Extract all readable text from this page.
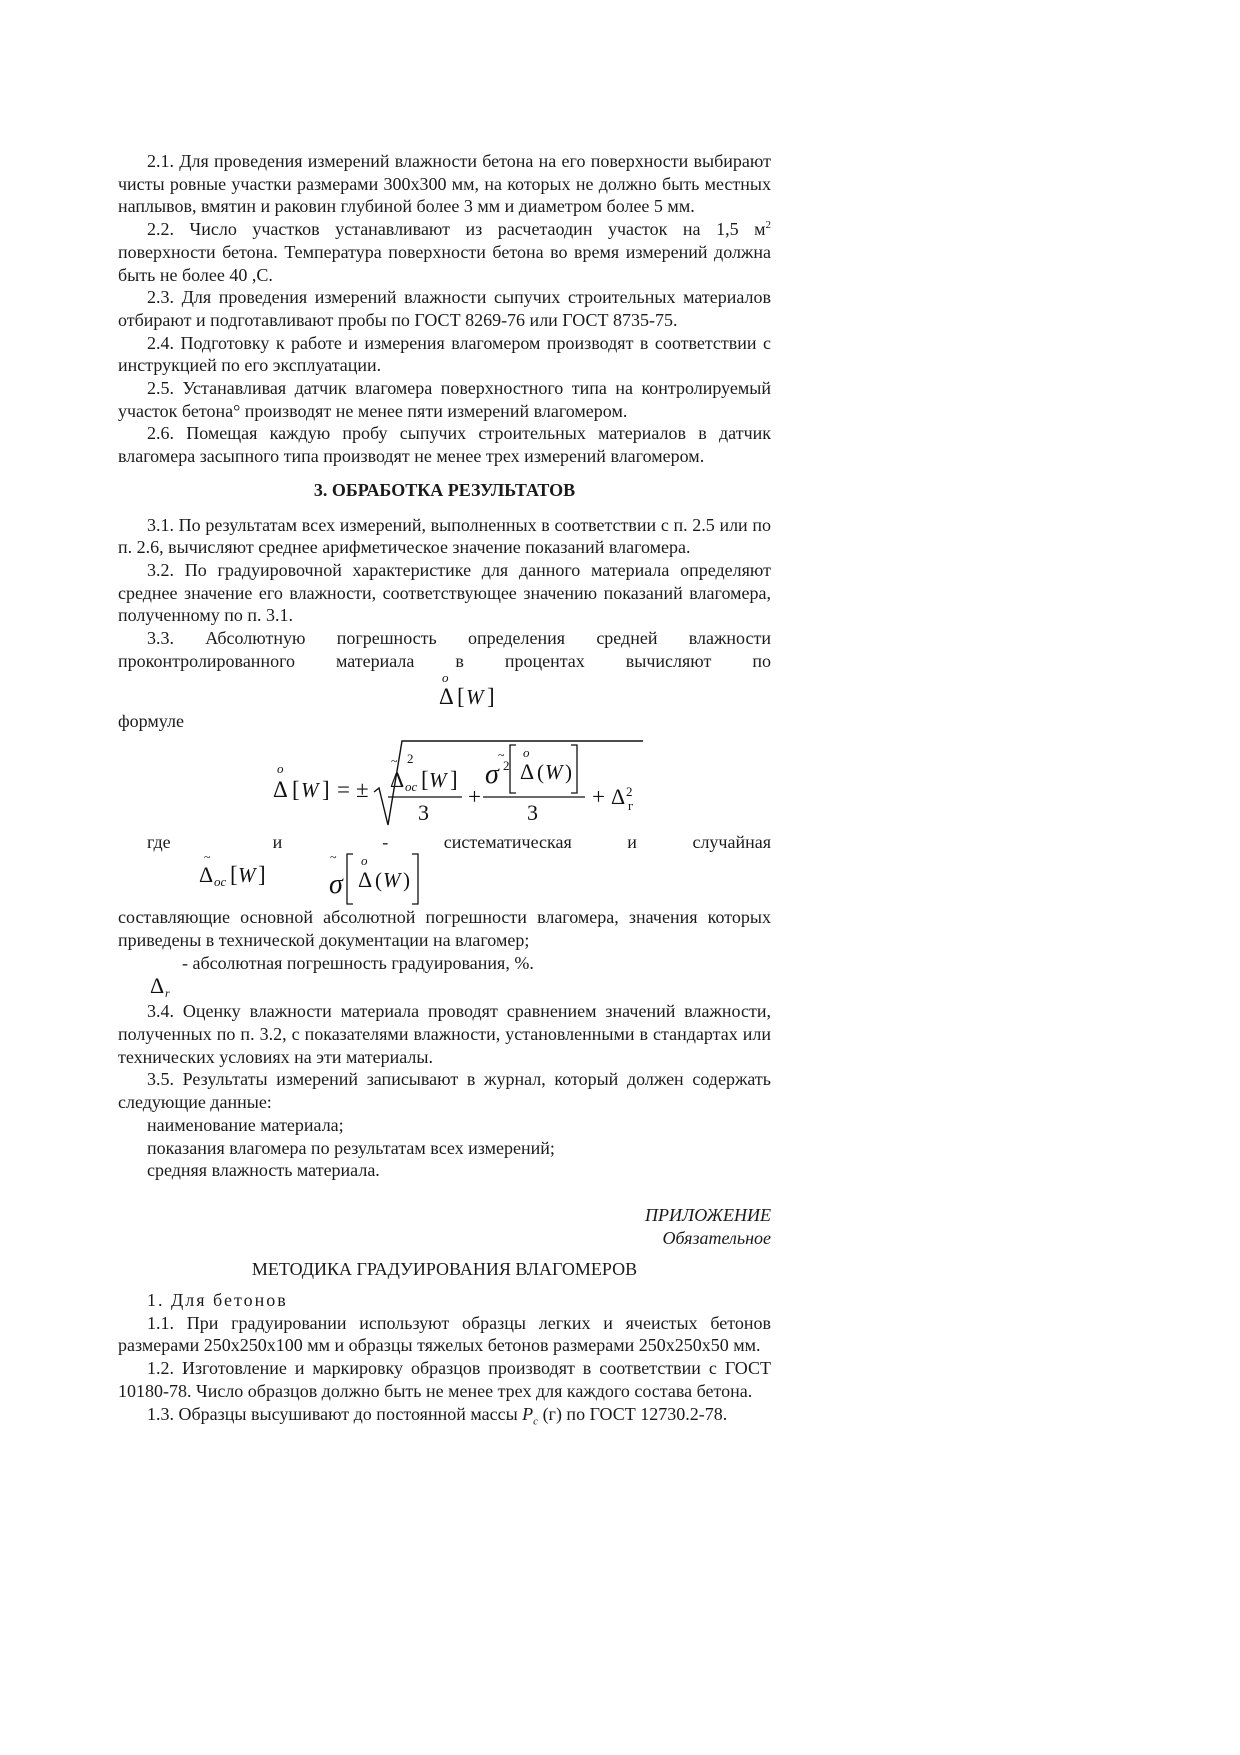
2.1. Для проведения измерений влажности бетона на его поверхности выбирают чисты ровные участки размерами 300х300 мм, на которых не должно быть местных наплывов, вмятин и раковин глубиной более 3 мм и диаметром более 5 мм.

2.2. Число участков устанавливают из расчетаодин участок на 1,5 $м^2$ поверхности бетона. Температура поверхности бетона во время измерений должна быть не более 40 ,С.

2.3. Для проведения измерений влажности сыпучих строительных материалов отбирают и подготавливают пробы по ГОСТ 8269-76 или ГОСТ 8735-75.

2.4. Подготовку к работе и измерения влагомером производят в соответствии с инструкцией по его эксплуатации.

2.5. Устанавливая датчик влагомера поверхностного типа на контролируемый участок бетона° производят не менее пяти измерений влагомером.

2.6. Помещая каждую пробу сыпучих строительных материалов в датчик влагомера засыпного типа производят не менее трех измерений влагомером.

3. ОБРАБОТКА РЕЗУЛЬТАТОВ

3.1. По результатам всех измерений, выполненных в соответствии с п. 2.5 или по п. 2.6, вычисляют среднее арифметическое значение показаний влагомера.

3.2. По градуировочной характеристике для данного материала определяют среднее значение его влажности, соответствующее значению показаний влагомера, полученному по п. 3.1.

3.3. Абсолютную погрешность определения средней влажности проконтролированного материала в процентах вычисляют по

o
Δ [ W ]

формуле

o
Δ [ W ] = ±
~ 2
Δ ос [ W ]
3
+
~
σ 2
o
Δ ( W )
3
+ Δ 2
г
где	и	- систематическая и случайная
~
Δ ос [ W ]
~
σ
o
Δ ( W )

составляющие основной абсолютной погрешности влагомера, значения которых приведены в технической документации на влагомер;

- абсолютная погрешность градуирования, %.

Δ r

3.4. Оценку влажности материала проводят сравнением значений влажности, полученных по п. 3.2, с показателями влажности, установленными в стандартах или технических условиях на эти материалы.

3.5. Результаты измерений записывают в журнал, который должен содержать следующие данные:

наименование материала;

показания влагомера по результатам всех измерений;

средняя влажность материала.

ПРИЛОЖЕНИЕ

Обязательное

МЕТОДИКА ГРАДУИРОВАНИЯ ВЛАГОМЕРОВ

1. Для бетонов

1.1. При градуировании используют образцы легких и ячеистых бетонов размерами 250х250х100 мм и образцы тяжелых бетонов размерами 250х250х50 мм.

1.2. Изготовление и маркировку образцов производят в соответствии с ГОСТ 10180-78. Число образцов должно быть не менее трех для каждого состава бетона.

1.3. Образцы высушивают до постоянной массы $P_c$ (г) по ГОСТ 12730.2-78.
